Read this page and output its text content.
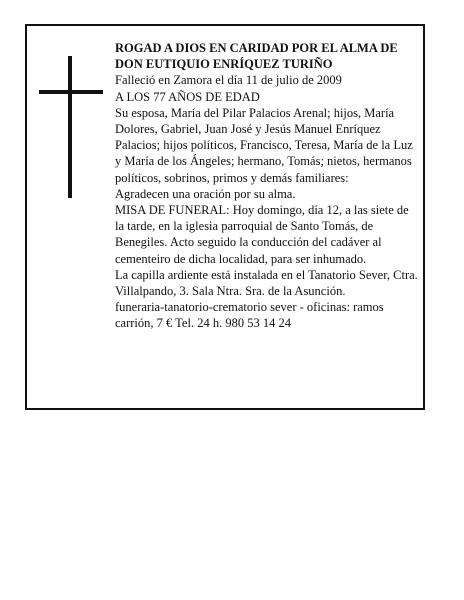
ROGAD A DIOS EN CARIDAD POR EL ALMA DE DON EUTIQUIO ENRÍQUEZ TURIÑO

Falleció en Zamora el día 11 de julio de 2009

A LOS 77 AÑOS DE EDAD

Su esposa, María del Pilar Palacios Arenal; hijos, María Dolores, Gabriel, Juan José y Jesús Manuel Enríquez Palacios; hijos políticos, Francisco, Teresa, María de la Luz y María de los Ángeles; hermano, Tomás; nietos, hermanos políticos, sobrinos, primos y demás familiares:

Agradecen una oración por su alma.

MISA DE FUNERAL: Hoy domingo, día 12, a las siete de la tarde, en la iglesia parroquial de Santo Tomás, de Benegiles. Acto seguido la conducción del cadáver al cementeiro de dicha localidad, para ser inhumado.

La capilla ardiente está instalada en el Tanatorio Sever, Ctra. Villalpando, 3. Sala Ntra. Sra. de la Asunción.

funeraria-tanatorio-crematorio sever - oficinas: ramos carrión, 7 € Tel. 24 h. 980 53 14 24
